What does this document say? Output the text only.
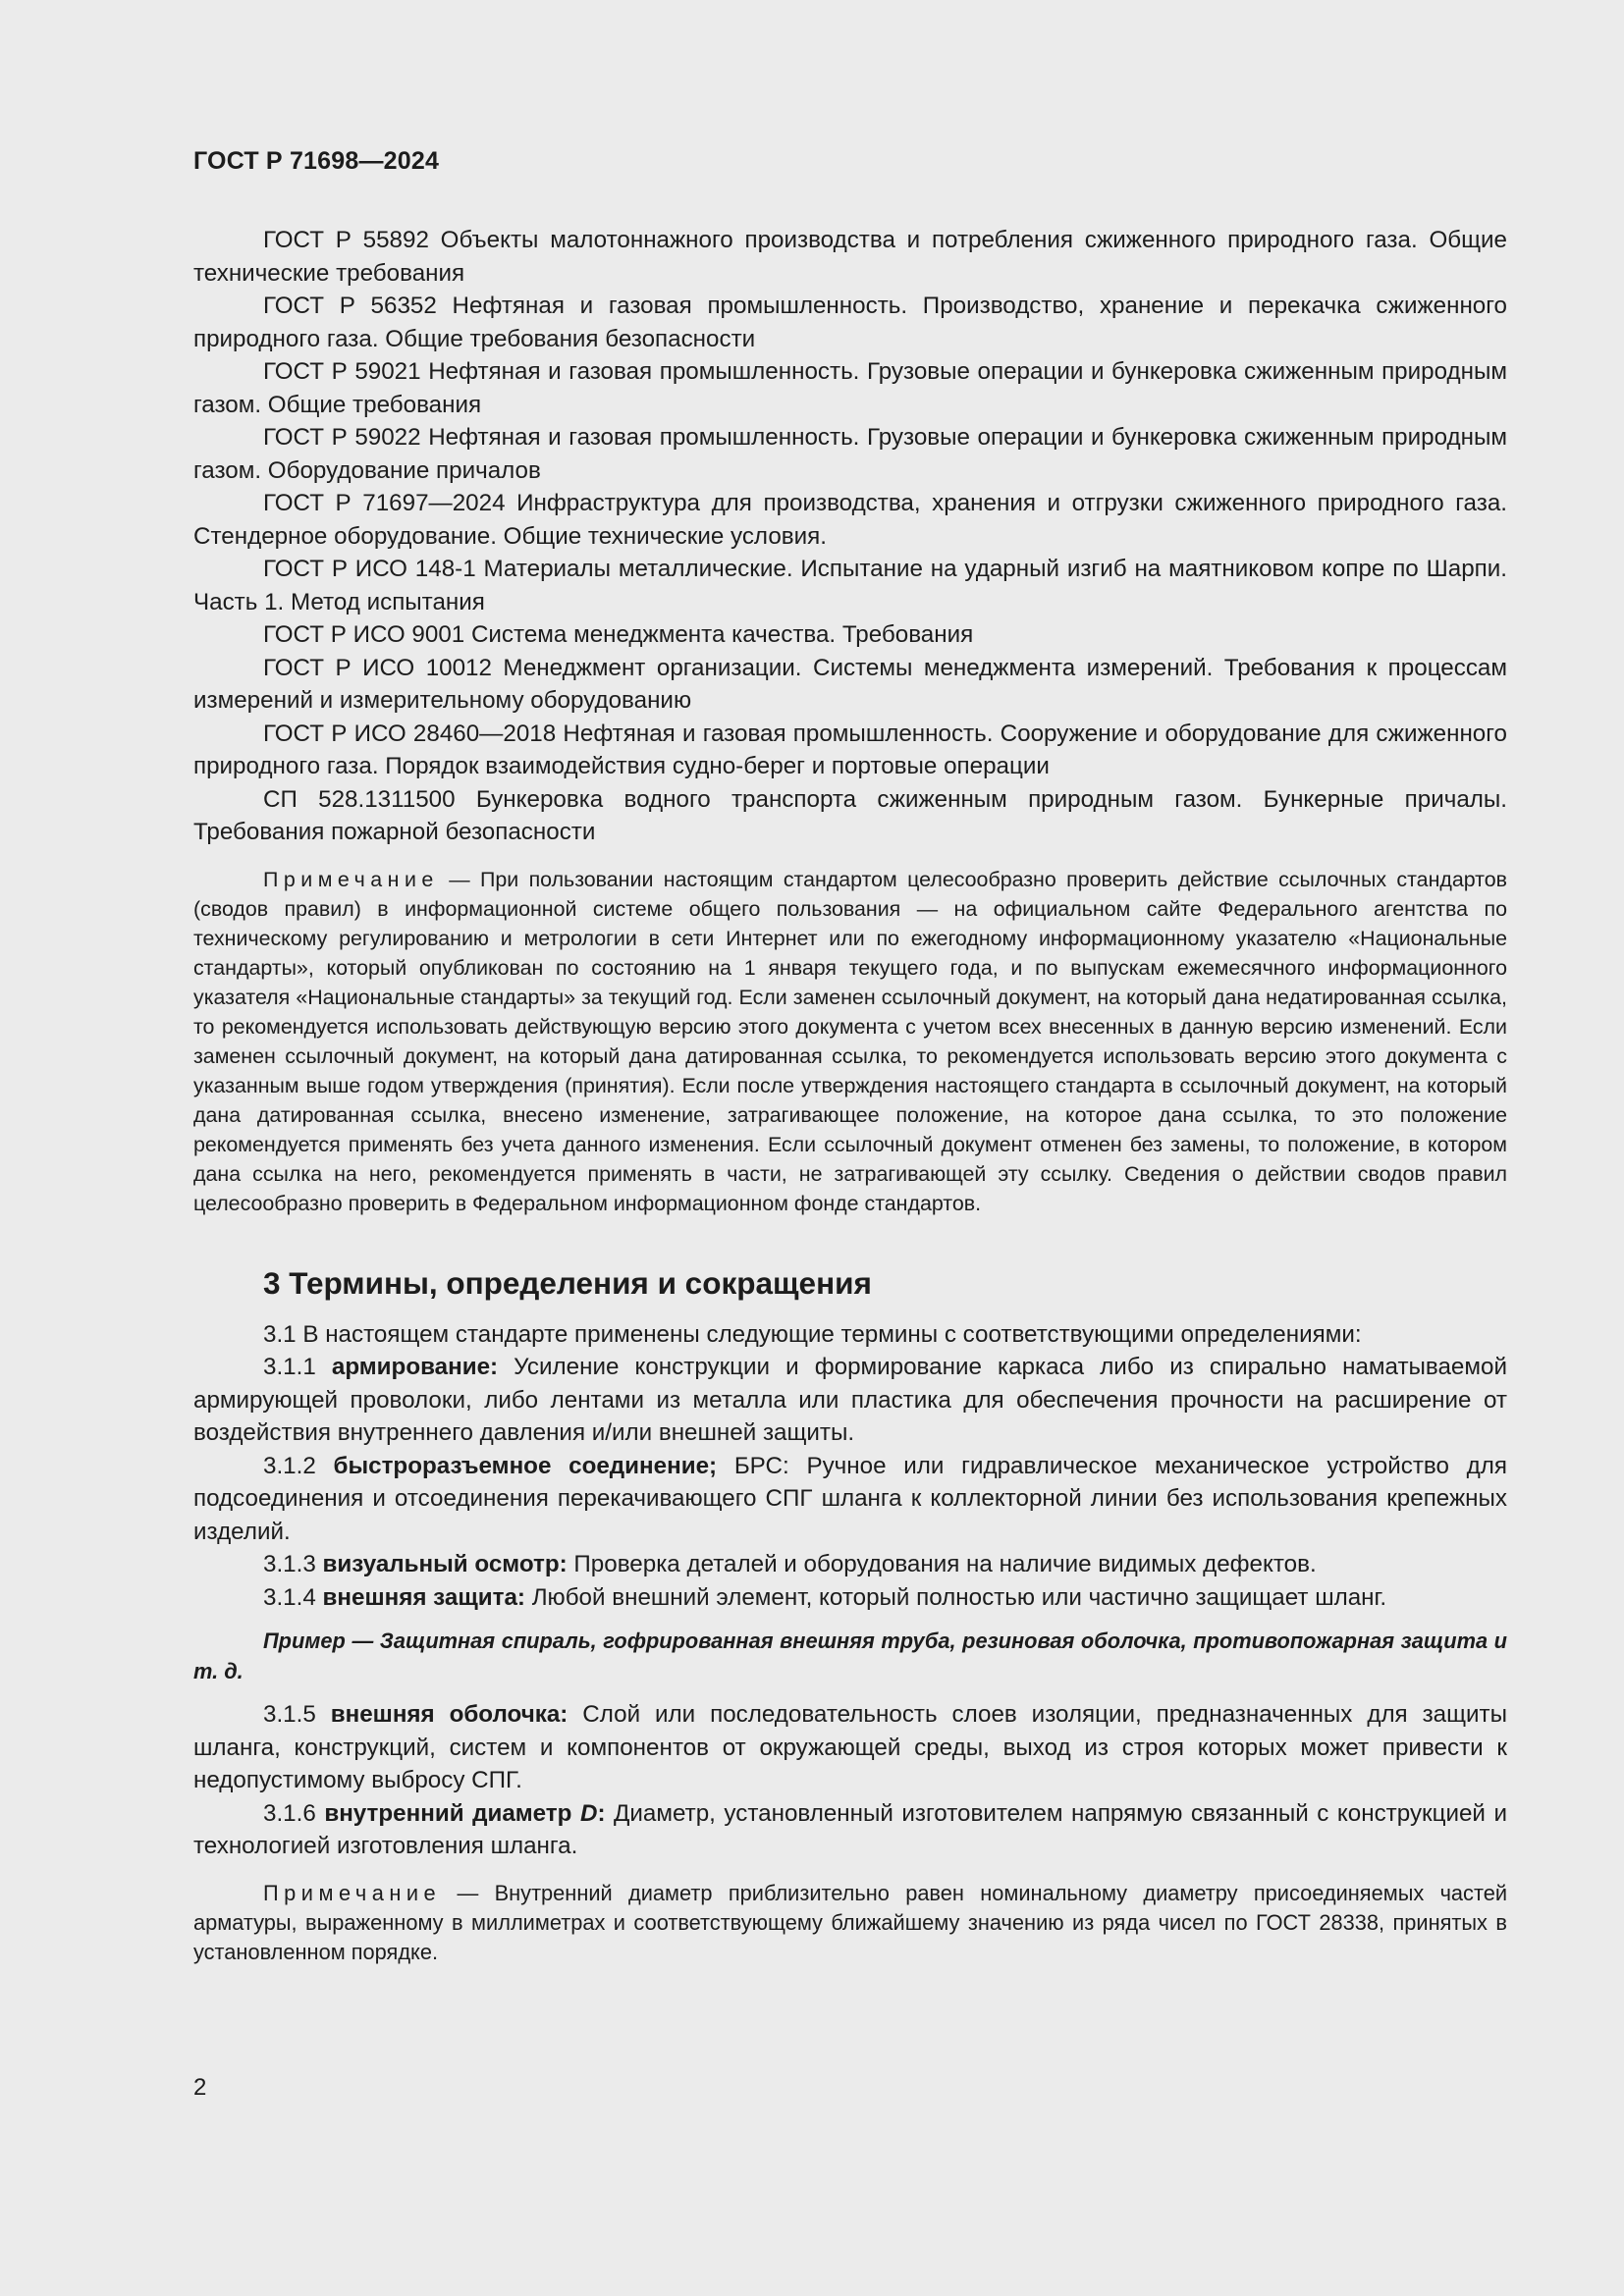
ГОСТ Р 71698—2024

ГОСТ Р 55892 Объекты малотоннажного производства и потребления сжиженного природного газа. Общие технические требования

ГОСТ Р 56352 Нефтяная и газовая промышленность. Производство, хранение и перекачка сжиженного природного газа. Общие требования безопасности

ГОСТ Р 59021 Нефтяная и газовая промышленность. Грузовые операции и бункеровка сжиженным природным газом. Общие требования

ГОСТ Р 59022 Нефтяная и газовая промышленность. Грузовые операции и бункеровка сжиженным природным газом. Оборудование причалов

ГОСТ Р 71697—2024 Инфраструктура для производства, хранения и отгрузки сжиженного природного газа. Стендерное оборудование. Общие технические условия.

ГОСТ Р ИСО 148-1 Материалы металлические. Испытание на ударный изгиб на маятниковом копре по Шарпи. Часть 1. Метод испытания

ГОСТ Р ИСО 9001 Система менеджмента качества. Требования

ГОСТ Р ИСО 10012 Менеджмент организации. Системы менеджмента измерений. Требования к процессам измерений и измерительному оборудованию

ГОСТ Р ИСО 28460—2018 Нефтяная и газовая промышленность. Сооружение и оборудование для сжиженного природного газа. Порядок взаимодействия судно-берег и портовые операции

СП 528.1311500 Бункеровка водного транспорта сжиженным природным газом. Бункерные причалы. Требования пожарной безопасности

Примечание — При пользовании настоящим стандартом целесообразно проверить действие ссылочных стандартов (сводов правил) в информационной системе общего пользования — на официальном сайте Федерального агентства по техническому регулированию и метрологии в сети Интернет или по ежегодному информационному указателю «Национальные стандарты», который опубликован по состоянию на 1 января текущего года, и по выпускам ежемесячного информационного указателя «Национальные стандарты» за текущий год. Если заменен ссылочный документ, на который дана недатированная ссылка, то рекомендуется использовать действующую версию этого документа с учетом всех внесенных в данную версию изменений. Если заменен ссылочный документ, на который дана датированная ссылка, то рекомендуется использовать версию этого документа с указанным выше годом утверждения (принятия). Если после утверждения настоящего стандарта в ссылочный документ, на который дана датированная ссылка, внесено изменение, затрагивающее положение, на которое дана ссылка, то это положение рекомендуется применять без учета данного изменения. Если ссылочный документ отменен без замены, то положение, в котором дана ссылка на него, рекомендуется применять в части, не затрагивающей эту ссылку. Сведения о действии сводов правил целесообразно проверить в Федеральном информационном фонде стандартов.

3 Термины, определения и сокращения

3.1 В настоящем стандарте применены следующие термины с соответствующими определениями:

3.1.1 армирование: Усиление конструкции и формирование каркаса либо из спирально наматываемой армирующей проволоки, либо лентами из металла или пластика для обеспечения прочности на расширение от воздействия внутреннего давления и/или внешней защиты.

3.1.2 быстроразъемное соединение; БРС: Ручное или гидравлическое механическое устройство для подсоединения и отсоединения перекачивающего СПГ шланга к коллекторной линии без использования крепежных изделий.

3.1.3 визуальный осмотр: Проверка деталей и оборудования на наличие видимых дефектов.

3.1.4 внешняя защита: Любой внешний элемент, который полностью или частично защищает шланг.

Пример — Защитная спираль, гофрированная внешняя труба, резиновая оболочка, противопожарная защита и т. д.

3.1.5 внешняя оболочка: Слой или последовательность слоев изоляции, предназначенных для защиты шланга, конструкций, систем и компонентов от окружающей среды, выход из строя которых может привести к недопустимому выбросу СПГ.

3.1.6 внутренний диаметр D: Диаметр, установленный изготовителем напрямую связанный с конструкцией и технологией изготовления шланга.

Примечание — Внутренний диаметр приблизительно равен номинальному диаметру присоединяемых частей арматуры, выраженному в миллиметрах и соответствующему ближайшему значению из ряда чисел по ГОСТ 28338, принятых в установленном порядке.

2
